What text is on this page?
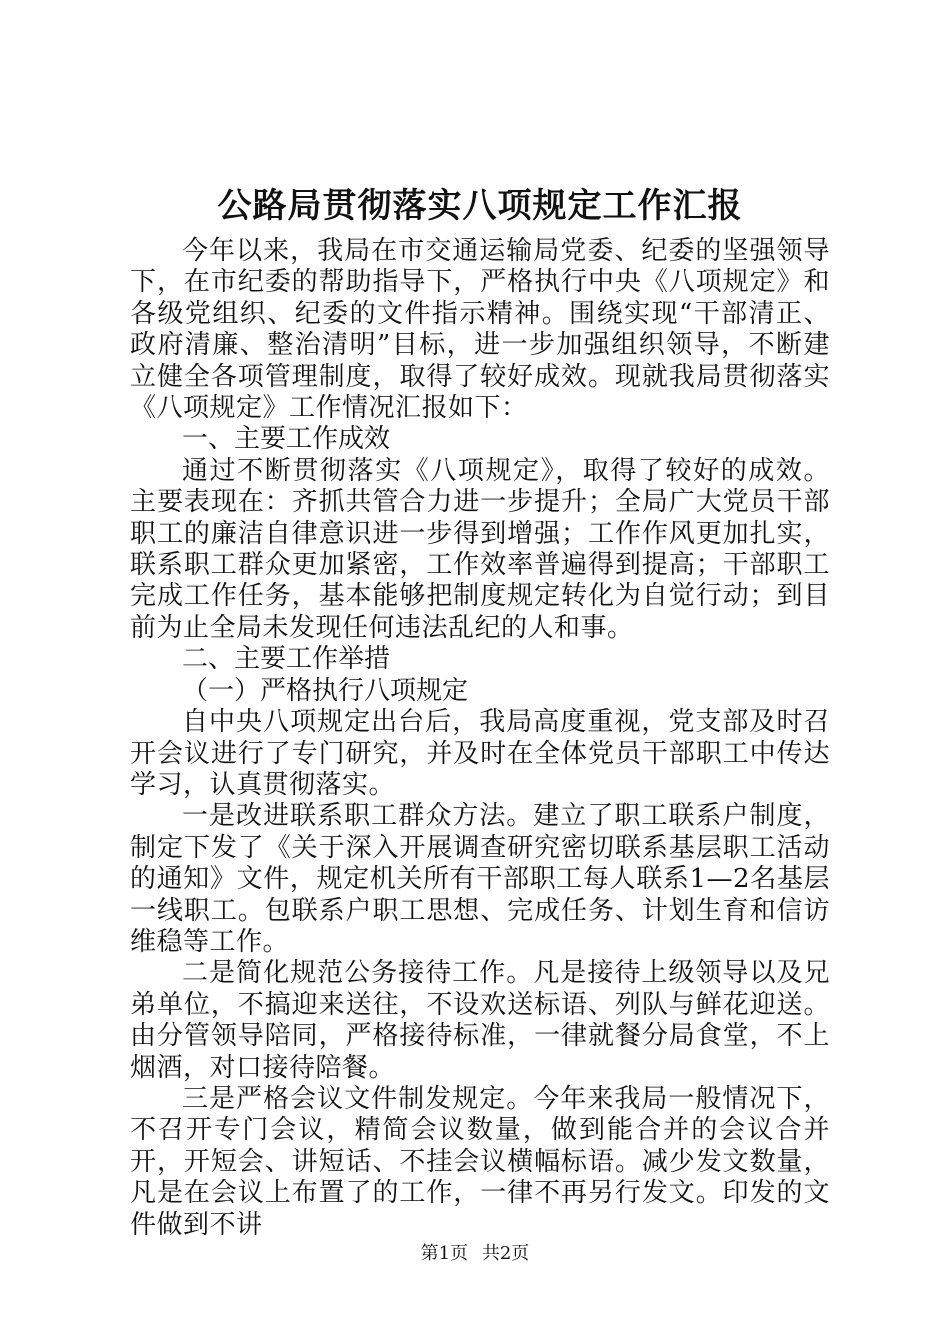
公路局贯彻落实八项规定工作汇报

今年以来，我局在市交通运输局党委、纪委的坚强领导下，在市纪委的帮助指导下，严格执行中央《八项规定》和各级党组织、纪委的文件指示精神。围绕实现“干部清正、政府清廉、整治清明”目标，进一步加强组织领导，不断建立健全各项管理制度，取得了较好成效。现就我局贯彻落实《八项规定》工作情况汇报如下：

一、主要工作成效

通过不断贯彻落实《八项规定》，取得了较好的成效。主要表现在：齐抓共管合力进一步提升；全局广大党员干部职工的廉洁自律意识进一步得到增强；工作作风更加扎实，联系职工群众更加紧密，工作效率普遍得到提高；干部职工完成工作任务，基本能够把制度规定转化为自觉行动；到目前为止全局未发现任何违法乱纪的人和事。

二、主要工作举措

（一）严格执行八项规定

自中央八项规定出台后，我局高度重视，党支部及时召开会议进行了专门研究，并及时在全体党员干部职工中传达学习，认真贯彻落实。

一是改进联系职工群众方法。建立了职工联系户制度，制定下发了《关于深入开展调查研究密切联系基层职工活动的通知》文件，规定机关所有干部职工每人联系1—2名基层一线职工。包联系户职工思想、完成任务、计划生育和信访维稳等工作。

二是简化规范公务接待工作。凡是接待上级领导以及兄弟单位，不搞迎来送往，不设欢送标语、列队与鲜花迎送。由分管领导陪同，严格接待标准，一律就餐分局食堂，不上烟酒，对口接待陪餐。

三是严格会议文件制发规定。今年来我局一般情况下，不召开专门会议，精简会议数量，做到能合并的会议合并开，开短会、讲短话、不挂会议横幅标语。减少发文数量，凡是在会议上布置了的工作，一律不再另行发文。印发的文件做到不讲

第1页 共2页
